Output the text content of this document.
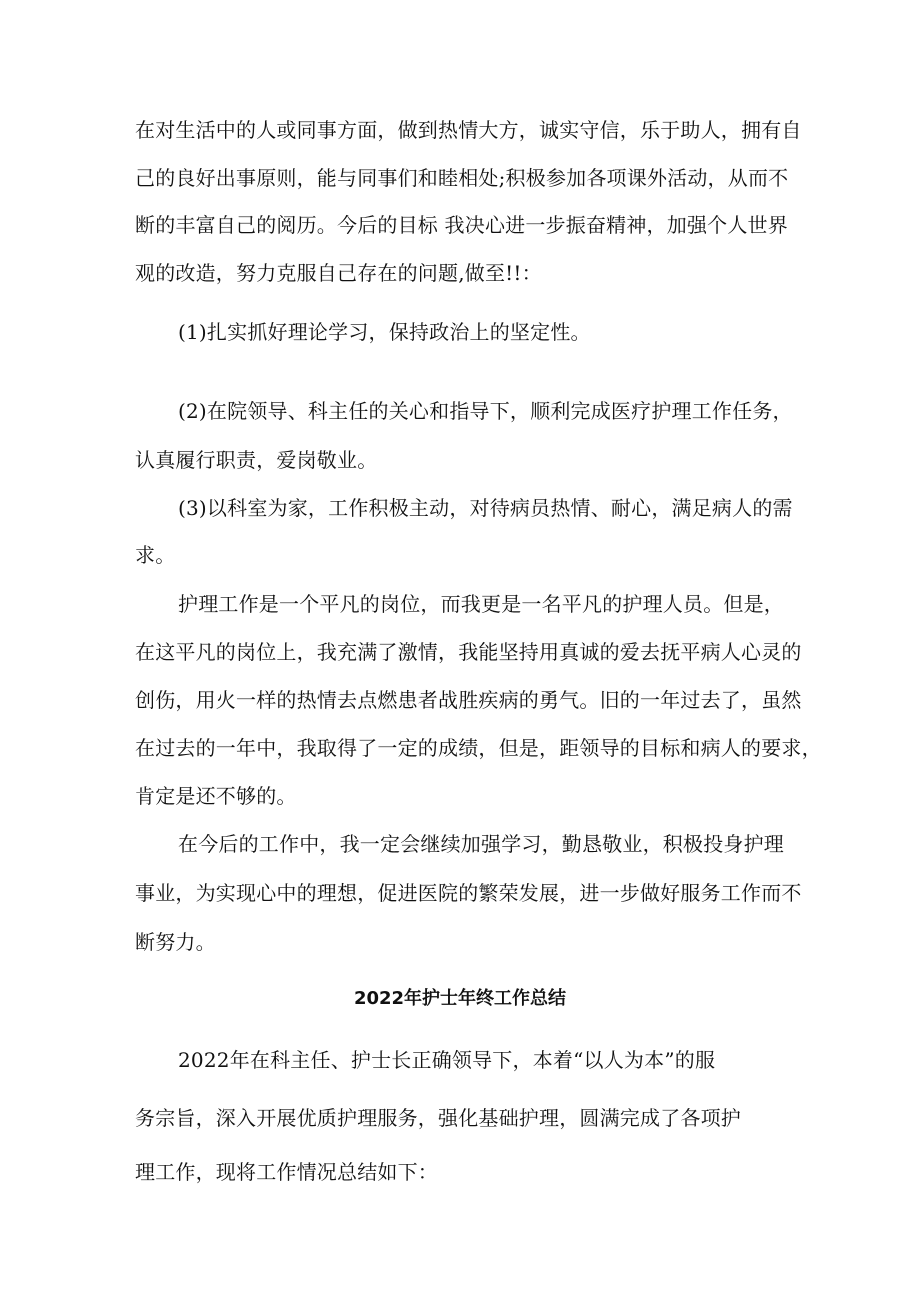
在对生活中的人或同事方面，做到热情大方，诚实守信，乐于助人，拥有自
己的良好出事原则，能与同事们和睦相处;积极参加各项课外活动，从而不
断的丰富自己的阅历。今后的目标 我决心进一步振奋精神，加强个人世界
观的改造，努力克服自己存在的问题,做至!!：
(1)扎实抓好理论学习，保持政治上的坚定性。
(2)在院领导、科主任的关心和指导下，顺利完成医疗护理工作任务，
认真履行职责，爱岗敬业。
(3)以科室为家，工作积极主动，对待病员热情、耐心，满足病人的需
求。
护理工作是一个平凡的岗位，而我更是一名平凡的护理人员。但是，
在这平凡的岗位上，我充满了激情，我能坚持用真诚的爱去抚平病人心灵的
创伤，用火一样的热情去点燃患者战胜疾病的勇气。旧的一年过去了，虽然
在过去的一年中，我取得了一定的成绩，但是，距领导的目标和病人的要求，
肯定是还不够的。
在今后的工作中，我一定会继续加强学习，勤恳敬业，积极投身护理
事业，为实现心中的理想，促进医院的繁荣发展，进一步做好服务工作而不
断努力。
2022年护士年终工作总结
2022年在科主任、护士长正确领导下，本着“以人为本”的服
务宗旨，深入开展优质护理服务，强化基础护理，圆满完成了各项护
理工作，现将工作情况总结如下：
